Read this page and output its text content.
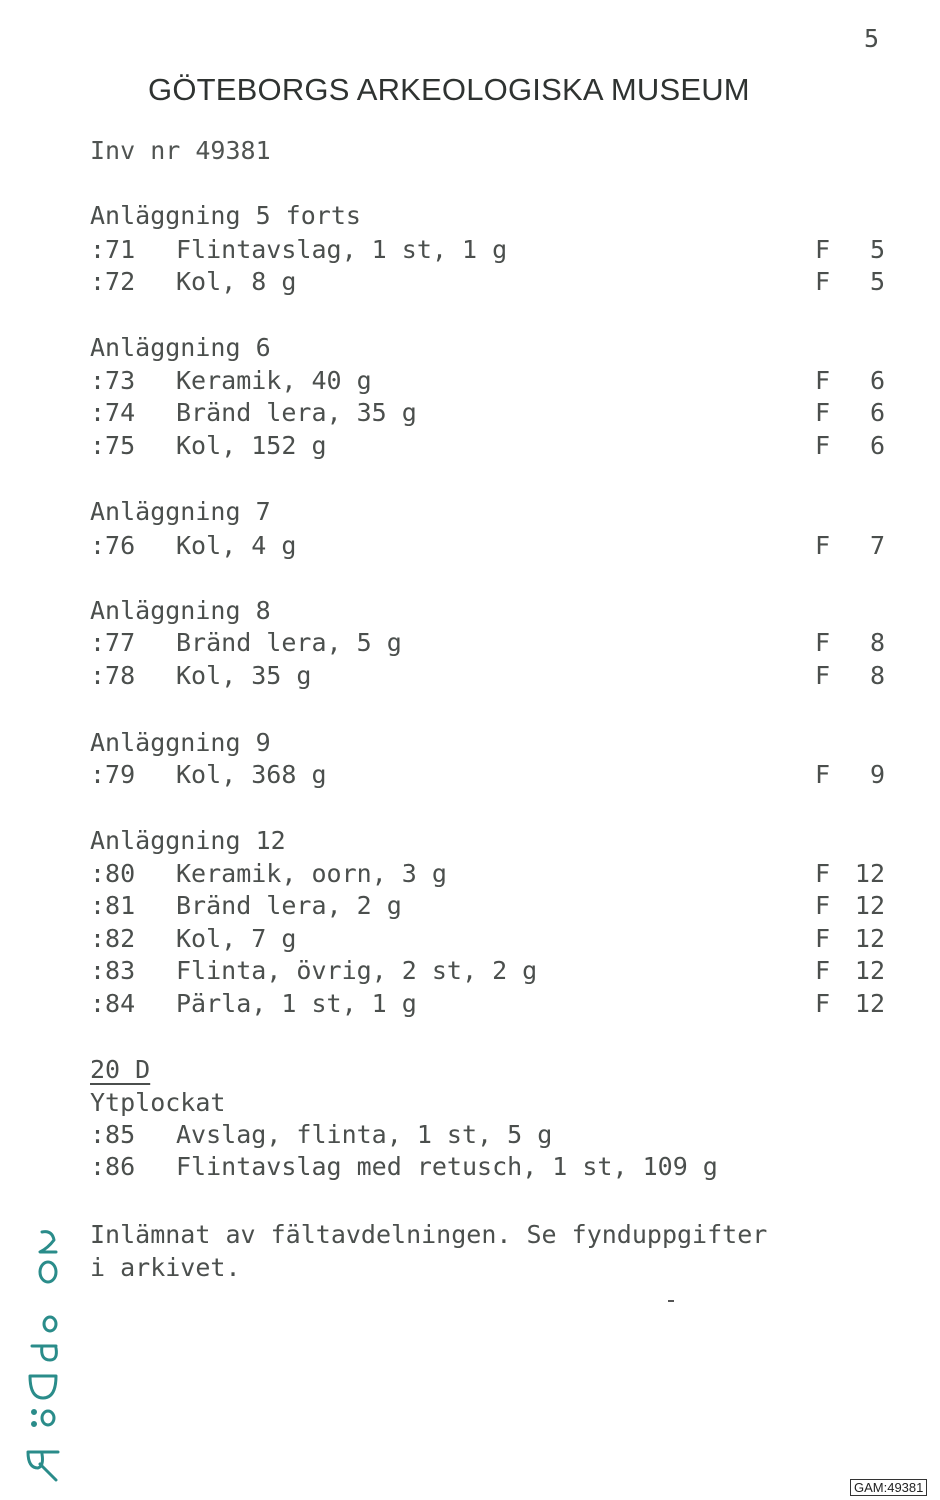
5
GÖTEBORGS ARKEOLOGISKA MUSEUM
Inv nr 49381
Anläggning 5 forts
:71 Flintavslag, 1 st, 1 g	F 5
:72 Kol, 8 g	F 5
Anläggning 6
:73 Keramik, 40 g	F 6
:74 Bränd lera, 35 g	F 6
:75 Kol, 152 g	F 6
Anläggning 7
:76 Kol, 4 g	F 7
Anläggning 8
:77 Bränd lera, 5 g	F 8
:78 Kol, 35 g	F 8
Anläggning 9
:79 Kol, 368 g	F 9
Anläggning 12
:80 Keramik, oorn, 3 g	F 12
:81 Bränd lera, 2 g	F 12
:82 Kol, 7 g	F 12
:83 Flinta, övrig, 2 st, 2 g	F 12
:84 Pärla, 1 st, 1 g	F 12
20 D
Ytplockat
:85 Avslag, flinta, 1 st, 5 g
:86 Flintavslag med retusch, 1 st, 109 g
Inlämnat av fältavdelningen. Se fynduppgifter
i arkivet.
GAM:49381
